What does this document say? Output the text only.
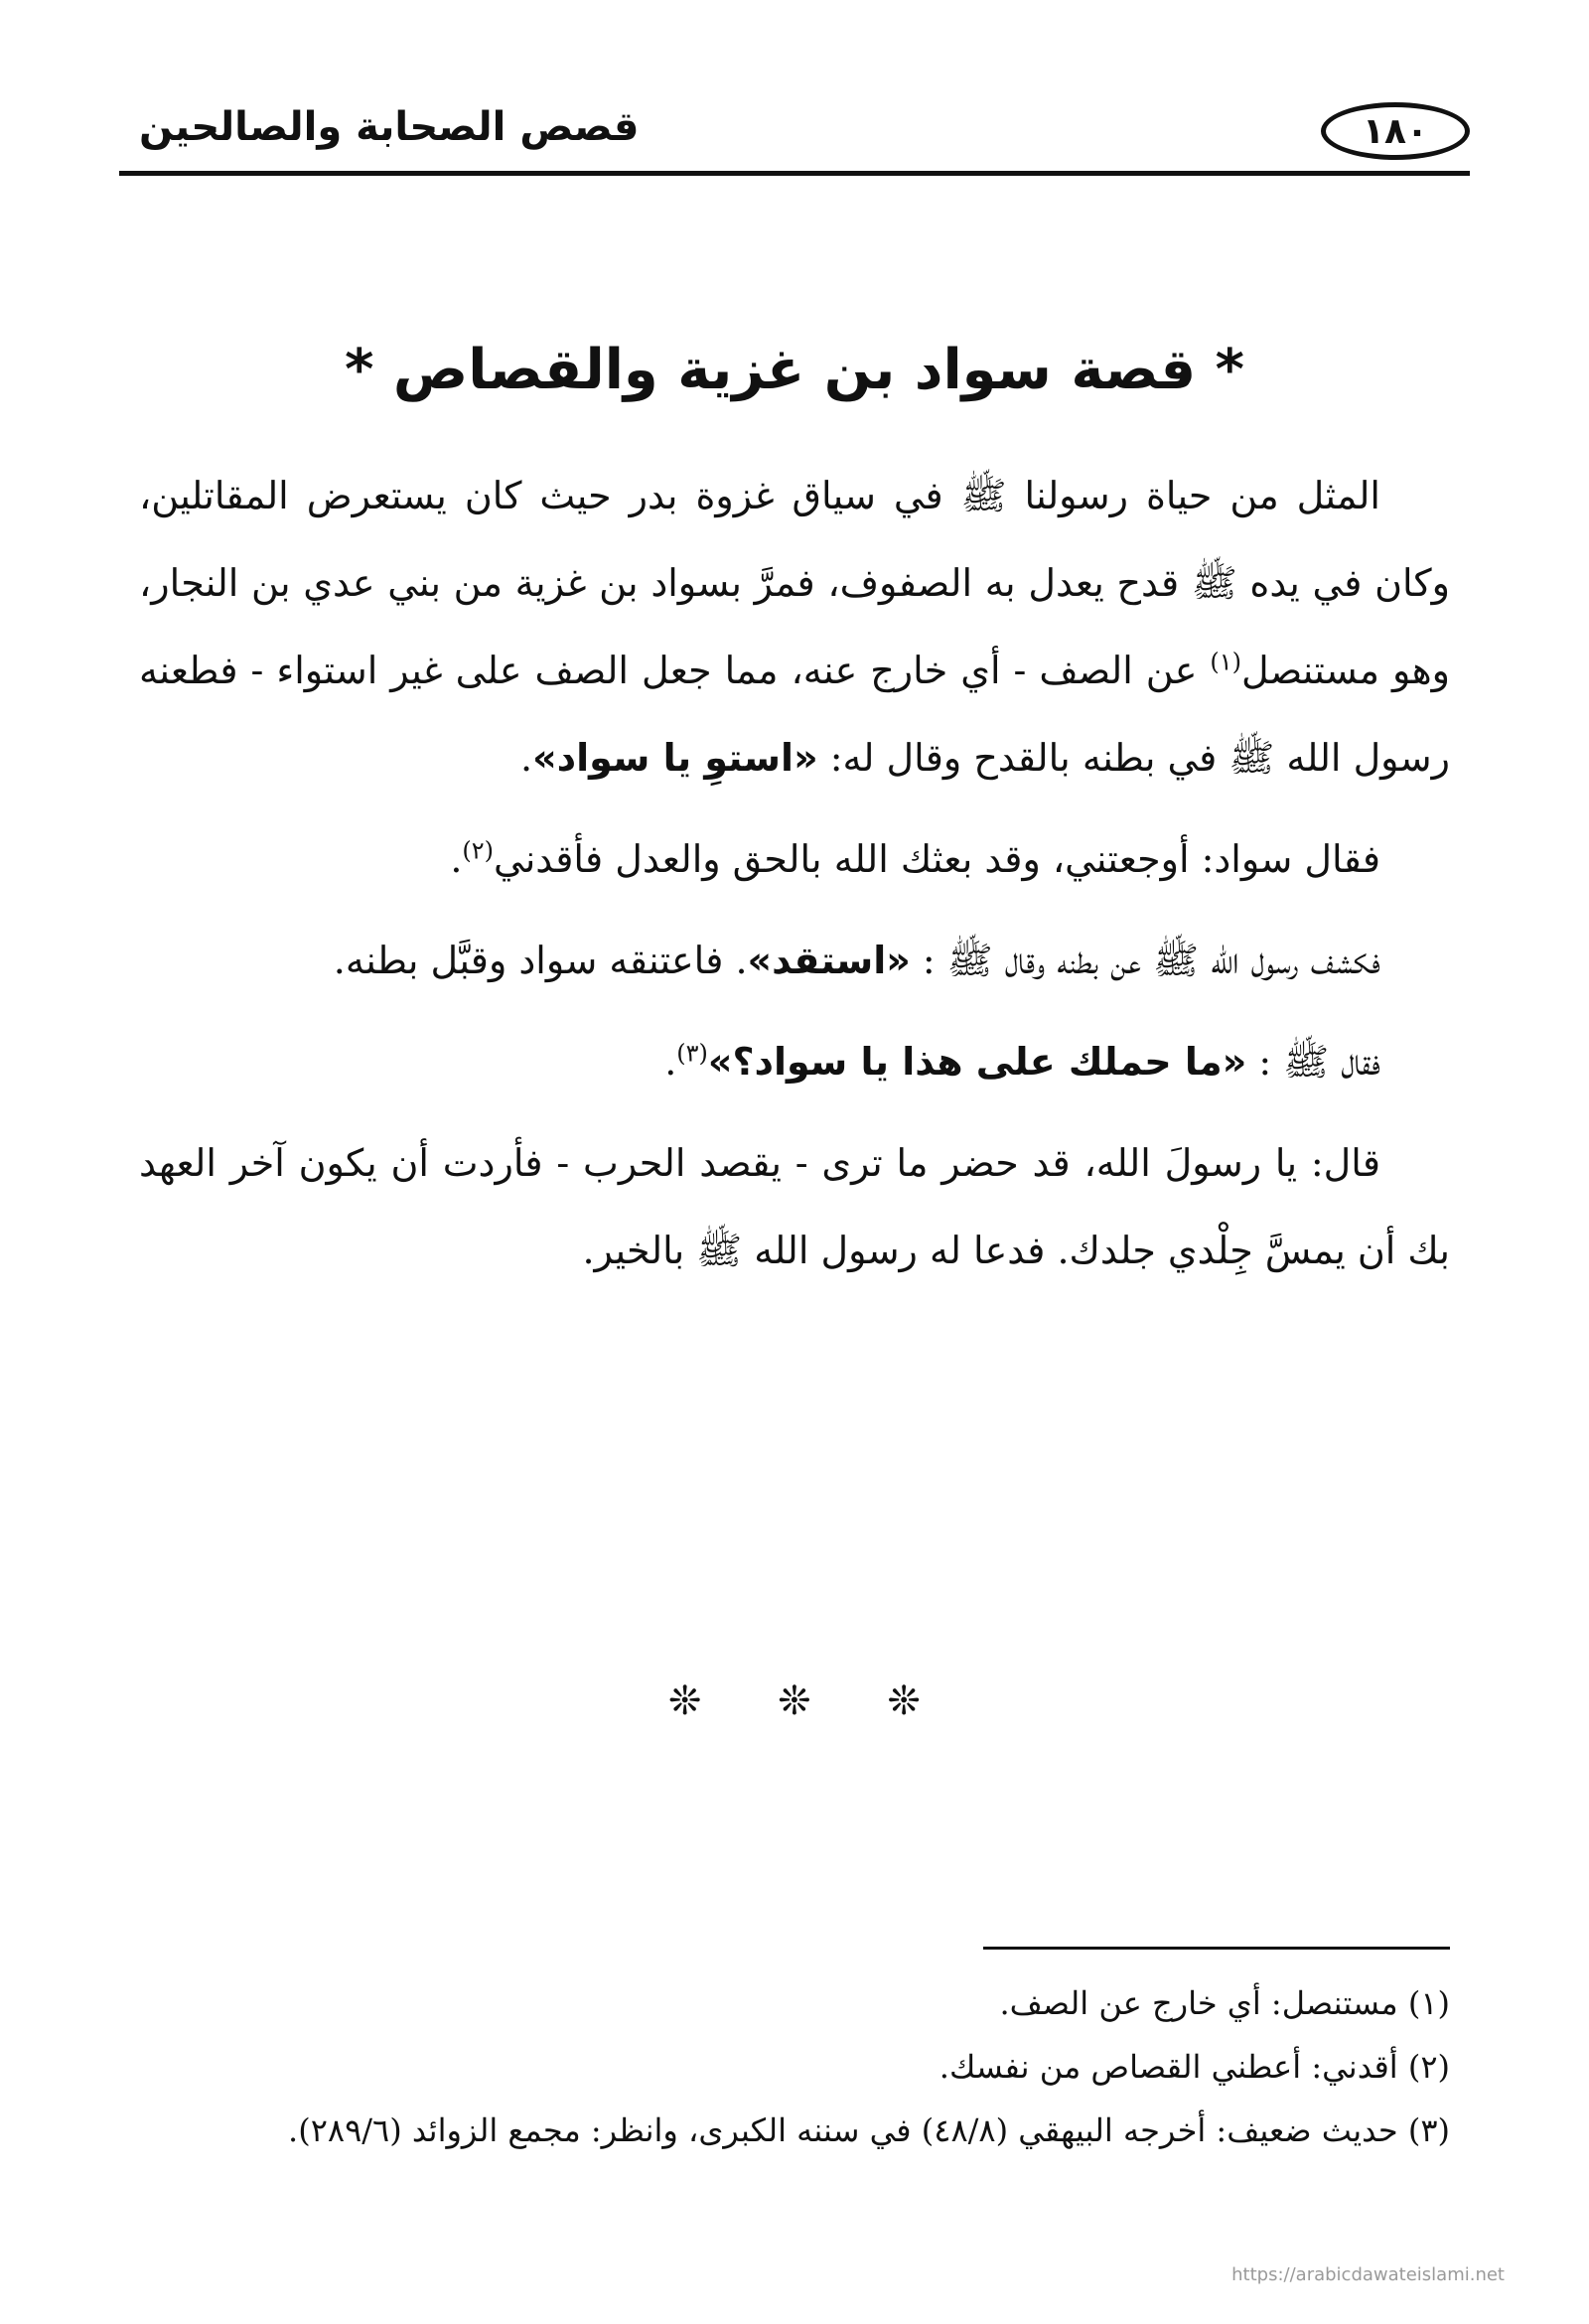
١٨٠
قصص الصحابة والصالحين
* قصة سواد بن غزية والقصاص *

المثل من حياة رسولنا ﷺ في سياق غزوة بدر حيث كان يستعرض المقاتلين، وكان في يده ﷺ قدح يعدل به الصفوف، فمرَّ بسواد بن غزية من بني عدي بن النجار، وهو مستنصل$^{(١)}$ عن الصف - أي خارج عنه، مما جعل الصف على غير استواء - فطعنه رسول الله ﷺ في بطنه بالقدح وقال له: «استوِ يا سواد».

فقال سواد: أوجعتني، وقد بعثك الله بالحق والعدل فأقدني$^{(٢)}$.

فكشف رسول الله ﷺ عن بطنه وقال ﷺ : «استقد». فاعتنقه سواد وقبَّل بطنه.

فقال ﷺ : «ما حملك على هذا يا سواد؟»$^{(٣)}$.

قال: يا رسولَ الله، قد حضر ما ترى - يقصد الحرب - فأردت أن يكون آخر العهد بك أن يمسَّ جِلْدي جلدك. فدعا له رسول الله ﷺ بالخير.

❊ ❊ ❊

(١) مستنصل: أي خارج عن الصف.

(٢) أقدني: أعطني القصاص من نفسك.

(٣) حديث ضعيف: أخرجه البيهقي (٤٨/٨) في سننه الكبرى، وانظر: مجمع الزوائد (٢٨٩/٦).

https://arabicdawateislami.net
